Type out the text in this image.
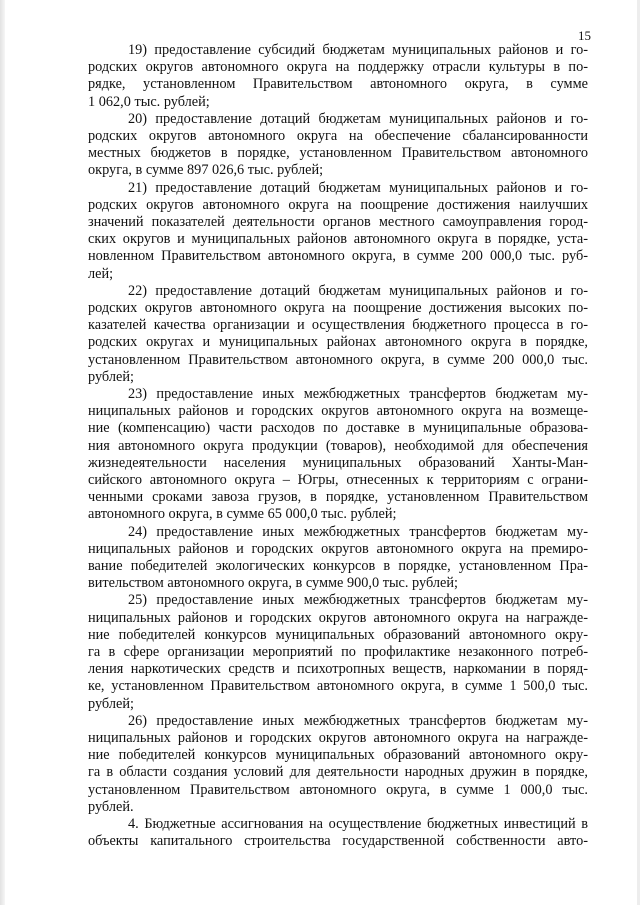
15
19) предоставление субсидий бюджетам муниципальных районов и го-
родских округов автономного округа на поддержку отрасли культуры в по-
рядке, установленном Правительством автономного округа, в сумме
1 062,0 тыс. рублей;
20) предоставление дотаций бюджетам муниципальных районов и го-
родских округов автономного округа на обеспечение сбалансированности
местных бюджетов в порядке, установленном Правительством автономного
округа, в сумме 897 026,6 тыс. рублей;
21) предоставление дотаций бюджетам муниципальных районов и го-
родских округов автономного округа на поощрение достижения наилучших
значений показателей деятельности органов местного самоуправления город-
ских округов и муниципальных районов автономного округа в порядке, уста-
новленном Правительством автономного округа, в сумме 200 000,0 тыс. руб-
лей;
22) предоставление дотаций бюджетам муниципальных районов и го-
родских округов автономного округа на поощрение достижения высоких по-
казателей качества организации и осуществления бюджетного процесса в го-
родских округах и муниципальных районах автономного округа в порядке,
установленном Правительством автономного округа, в сумме 200 000,0 тыс.
рублей;
23) предоставление иных межбюджетных трансфертов бюджетам му-
ниципальных районов и городских округов автономного округа на возмеще-
ние (компенсацию) части расходов по доставке в муниципальные образова-
ния автономного округа продукции (товаров), необходимой для обеспечения
жизнедеятельности населения муниципальных образований Ханты-Ман-
сийского автономного округа – Югры, отнесенных к территориям с ограни-
ченными сроками завоза грузов, в порядке, установленном Правительством
автономного округа, в сумме 65 000,0 тыс. рублей;
24) предоставление иных межбюджетных трансфертов бюджетам му-
ниципальных районов и городских округов автономного округа на премиро-
вание победителей экологических конкурсов в порядке, установленном Пра-
вительством автономного округа, в сумме 900,0 тыс. рублей;
25) предоставление иных межбюджетных трансфертов бюджетам му-
ниципальных районов и городских округов автономного округа на награжде-
ние победителей конкурсов муниципальных образований автономного окру-
га в сфере организации мероприятий по профилактике незаконного потреб-
ления наркотических средств и психотропных веществ, наркомании в поряд-
ке, установленном Правительством автономного округа, в сумме 1 500,0 тыс.
рублей;
26) предоставление иных межбюджетных трансфертов бюджетам му-
ниципальных районов и городских округов автономного округа на награжде-
ние победителей конкурсов муниципальных образований автономного окру-
га в области создания условий для деятельности народных дружин в порядке,
установленном Правительством автономного округа, в сумме 1 000,0 тыс.
рублей.
4. Бюджетные ассигнования на осуществление бюджетных инвестиций в
объекты капитального строительства государственной собственности авто-
